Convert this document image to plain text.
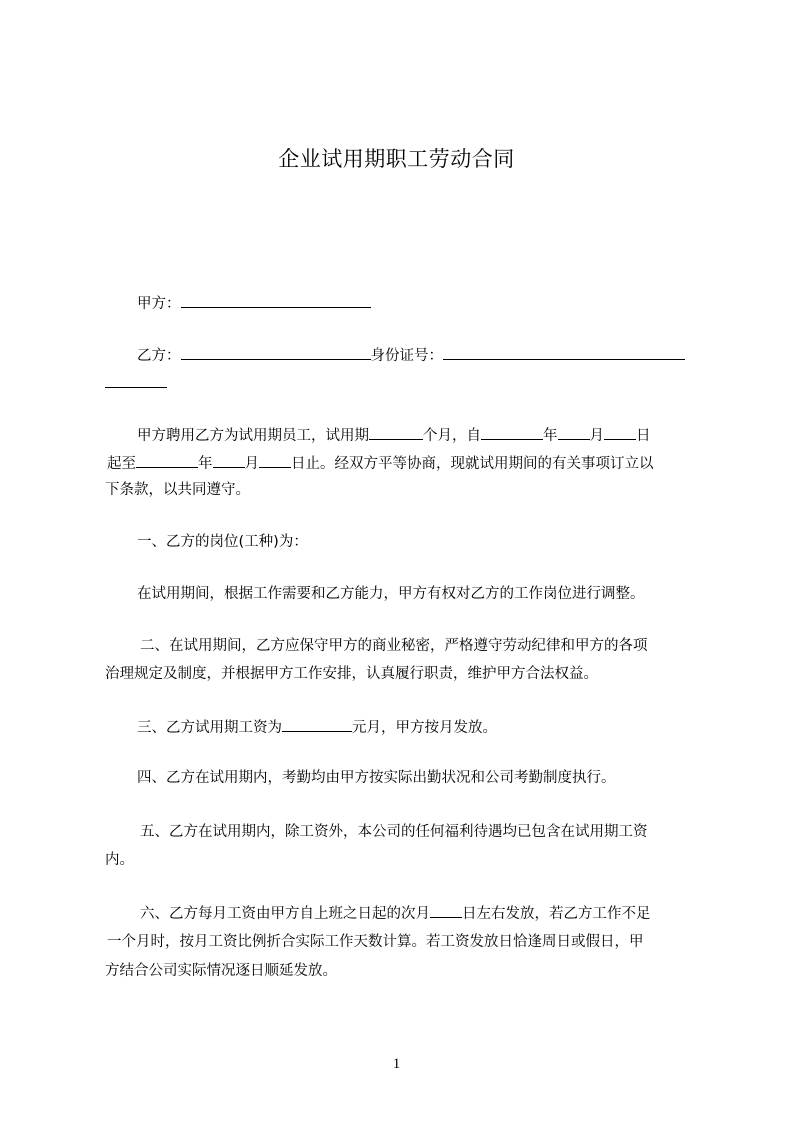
企业试用期职工劳动合同
甲方：
乙方：	身份证号：
甲方聘用乙方为试用期员工，试用期	个月，自	年 月 日
起至	年 月 日止。经双方平等协商，现就试用期间的有关事项订立以
下条款，以共同遵守。
一、乙方的岗位(工种)为：
在试用期间，根据工作需要和乙方能力，甲方有权对乙方的工作岗位进行调整。
二、在试用期间，乙方应保守甲方的商业秘密，严格遵守劳动纪律和甲方的各项
治理规定及制度，并根据甲方工作安排，认真履行职责，维护甲方合法权益。
三、乙方试用期工资为	元月，甲方按月发放。
四、乙方在试用期内，考勤均由甲方按实际出勤状况和公司考勤制度执行。
五、乙方在试用期内，除工资外，本公司的任何福利待遇均已包含在试用期工资
内。
六、乙方每月工资由甲方自上班之日起的次月 日左右发放，若乙方工作不足
一个月时，按月工资比例折合实际工作天数计算。若工资发放日恰逢周日或假日，甲
方结合公司实际情况逐日顺延发放。
1
